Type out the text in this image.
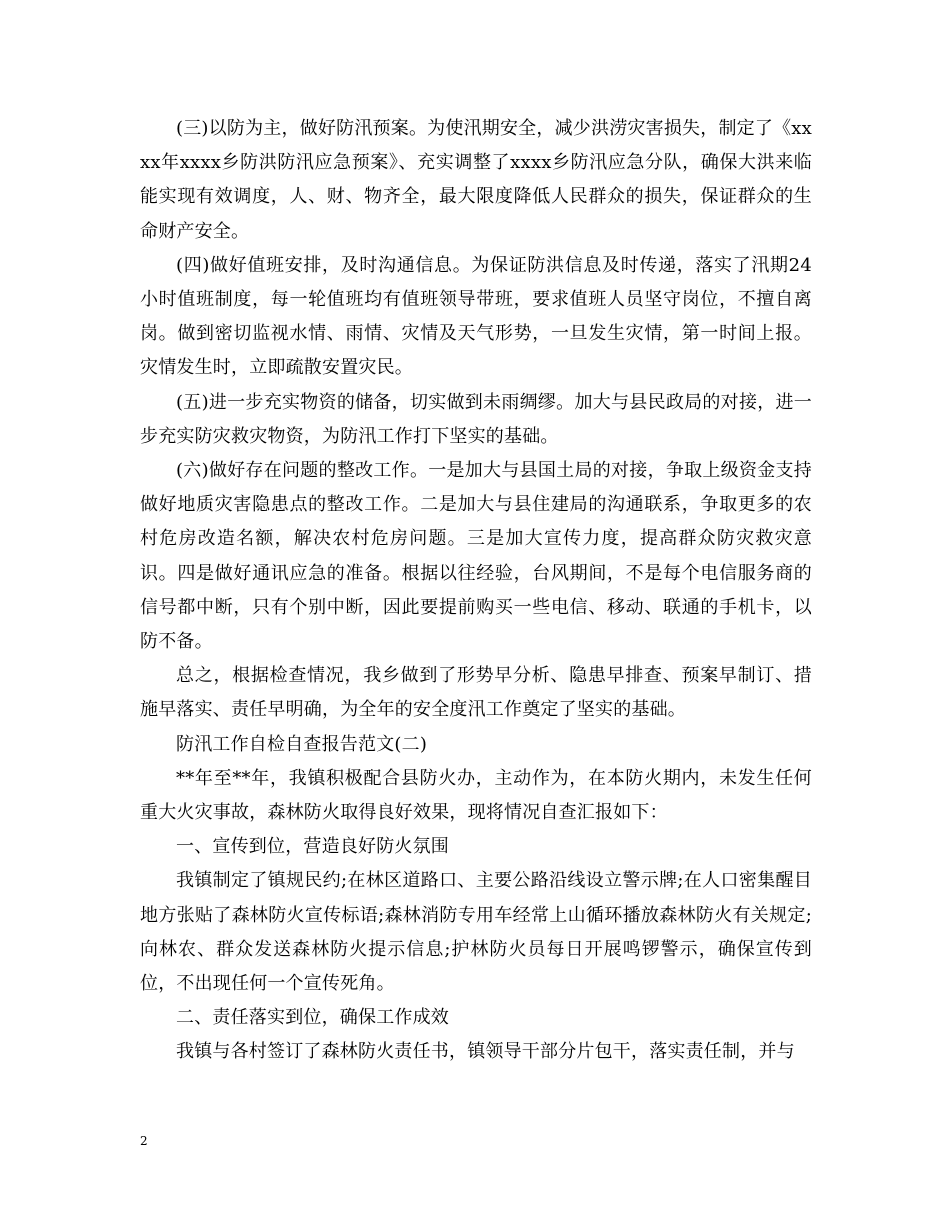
(三)以防为主，做好防汛预案。为使汛期安全，减少洪涝灾害损失，制定了《xxxx年xxxx乡防洪防汛应急预案》、充实调整了xxxx乡防汛应急分队，确保大洪来临能实现有效调度，人、财、物齐全，最大限度降低人民群众的损失，保证群众的生命财产安全。

(四)做好值班安排，及时沟通信息。为保证防洪信息及时传递，落实了汛期24小时值班制度，每一轮值班均有值班领导带班，要求值班人员坚守岗位，不擅自离岗。做到密切监视水情、雨情、灾情及天气形势，一旦发生灾情，第一时间上报。灾情发生时，立即疏散安置灾民。

(五)进一步充实物资的储备，切实做到未雨绸缪。加大与县民政局的对接，进一步充实防灾救灾物资，为防汛工作打下坚实的基础。

(六)做好存在问题的整改工作。一是加大与县国土局的对接，争取上级资金支持做好地质灾害隐患点的整改工作。二是加大与县住建局的沟通联系，争取更多的农村危房改造名额，解决农村危房问题。三是加大宣传力度，提高群众防灾救灾意识。四是做好通讯应急的准备。根据以往经验，台风期间，不是每个电信服务商的信号都中断，只有个别中断，因此要提前购买一些电信、移动、联通的手机卡，以防不备。

总之，根据检查情况，我乡做到了形势早分析、隐患早排查、预案早制订、措施早落实、责任早明确，为全年的安全度汛工作奠定了坚实的基础。

防汛工作自检自查报告范文(二)

**年至**年，我镇积极配合县防火办，主动作为，在本防火期内，未发生任何重大火灾事故，森林防火取得良好效果，现将情况自查汇报如下：

一、宣传到位，营造良好防火氛围

我镇制定了镇规民约;在林区道路口、主要公路沿线设立警示牌;在人口密集醒目地方张贴了森林防火宣传标语;森林消防专用车经常上山循环播放森林防火有关规定;向林农、群众发送森林防火提示信息;护林防火员每日开展鸣锣警示，确保宣传到位，不出现任何一个宣传死角。

二、责任落实到位，确保工作成效

我镇与各村签订了森林防火责任书，镇领导干部分片包干，落实责任制，并与

2
